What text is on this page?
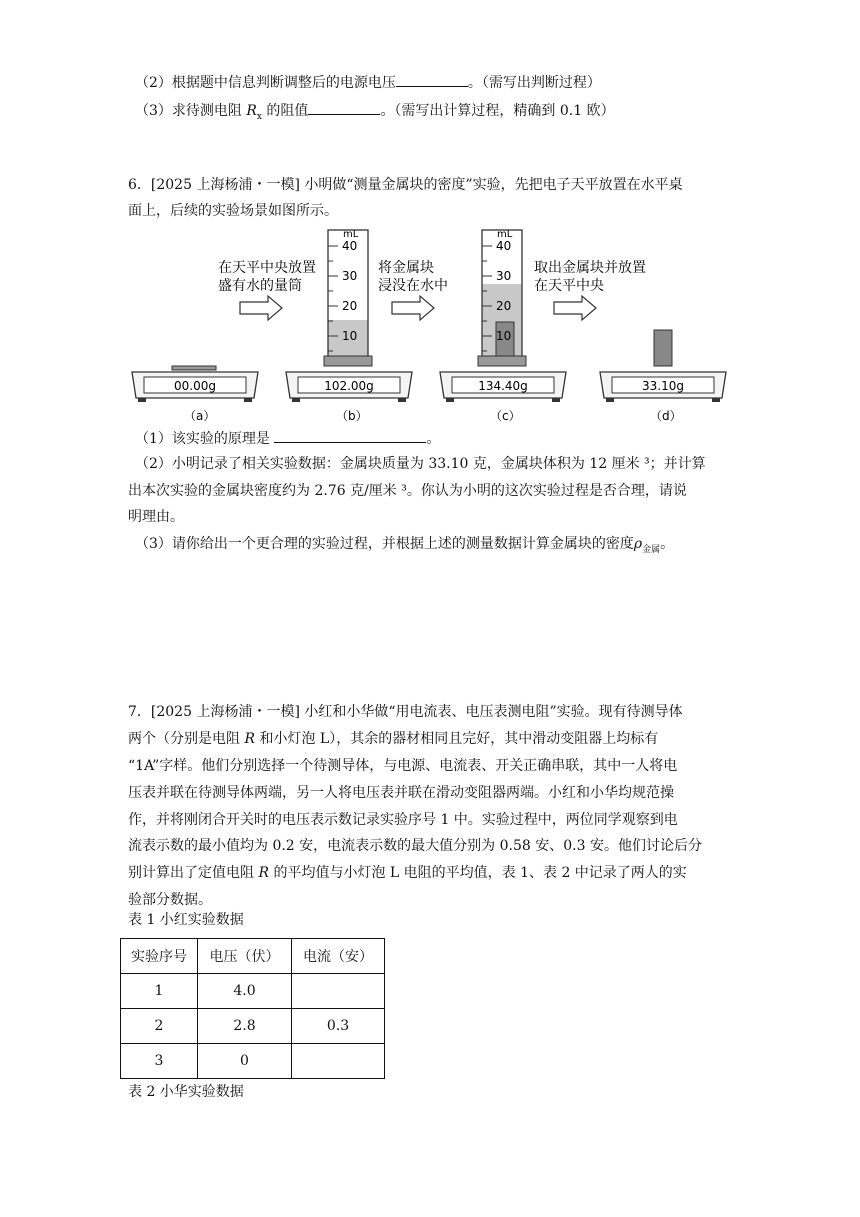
（2）根据题中信息判断调整后的电源电压	。（需写出判断过程）
（3）求待测电阻 $R_x$ 的阻值	。（需写出计算过程，精确到 0.1 欧）
6．[2025 上海杨浦・一模] 小明做“测量金属块的密度”实验，先把电子天平放置在水平桌
面上，后续的实验场景如图所示。
在天平中央放置
盛有水的量筒
将金属块
浸没在水中
取出金属块并放置
在天平中央
mL
40
30
20
10
mL
40
30
20
10
00.00g	102.00g	134.40g	33.10g
（a）	（b）	（c）	（d）
（1）该实验的原理是	。
（2）小明记录了相关实验数据：金属块质量为 33.10 克，金属块体积为 12 厘米 ³；并计算
出本次实验的金属块密度约为 2.76 克/厘米 ³。你认为小明的这次实验过程是否合理，请说
明理由。
（3）请你给出一个更合理的实验过程，并根据上述的测量数据计算金属块的密度$\rho_{金属}$。
7．[2025 上海杨浦・一模] 小红和小华做“用电流表、电压表测电阻”实验。现有待测导体
两个（分别是电阻 R 和小灯泡 L），其余的器材相同且完好，其中滑动变阻器上均标有
“1A”字样。他们分别选择一个待测导体，与电源、电流表、开关正确串联，其中一人将电
压表并联在待测导体两端，另一人将电压表并联在滑动变阻器两端。小红和小华均规范操
作，并将刚闭合开关时的电压表示数记录实验序号 1 中。实验过程中，两位同学观察到电
流表示数的最小值均为 0.2 安，电流表示数的最大值分别为 0.58 安、0.3 安。他们讨论后分
别计算出了定值电阻 R 的平均值与小灯泡 L 电阻的平均值，表 1、表 2 中记录了两人的实
验部分数据。
表 1 小红实验数据
实验序号	电压（伏）	电流（安）
1	4.0	
2	2.8	0.3
3	0	
表 2 小华实验数据
